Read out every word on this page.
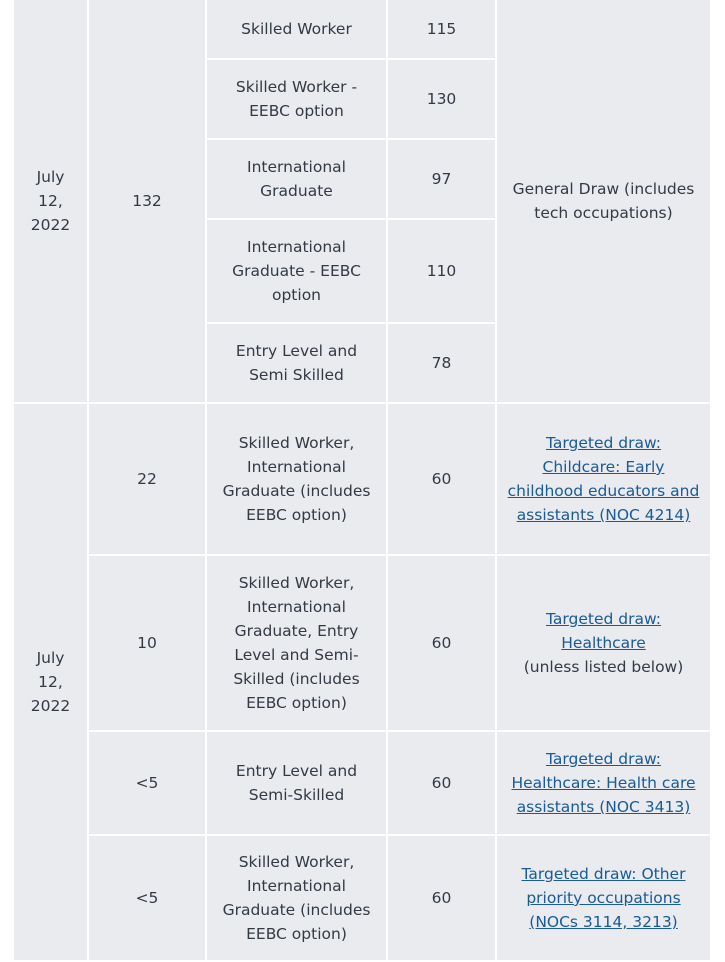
July 12, 2022	132	Skilled Worker	115	General Draw (includes tech occupations)
		Skilled Worker - EEBC option	130	
		International Graduate	97	
		International Graduate - EEBC option	110	
		Entry Level and Semi Skilled	78	
July 12, 2022	22	Skilled Worker, International Graduate (includes EEBC option)	60	Targeted draw: Childcare: Early childhood educators and assistants (NOC 4214)

	10	Skilled Worker, International Graduate, Entry Level and Semi-Skilled (includes EEBC option)	60	Targeted draw: Healthcare
(unless listed below)

	<5	Entry Level and Semi-Skilled	60	Targeted draw: Healthcare: Health care assistants (NOC 3413)

	<5	Skilled Worker, International Graduate (includes EEBC option)	60	Targeted draw: Other priority occupations (NOCs 3114, 3213)
